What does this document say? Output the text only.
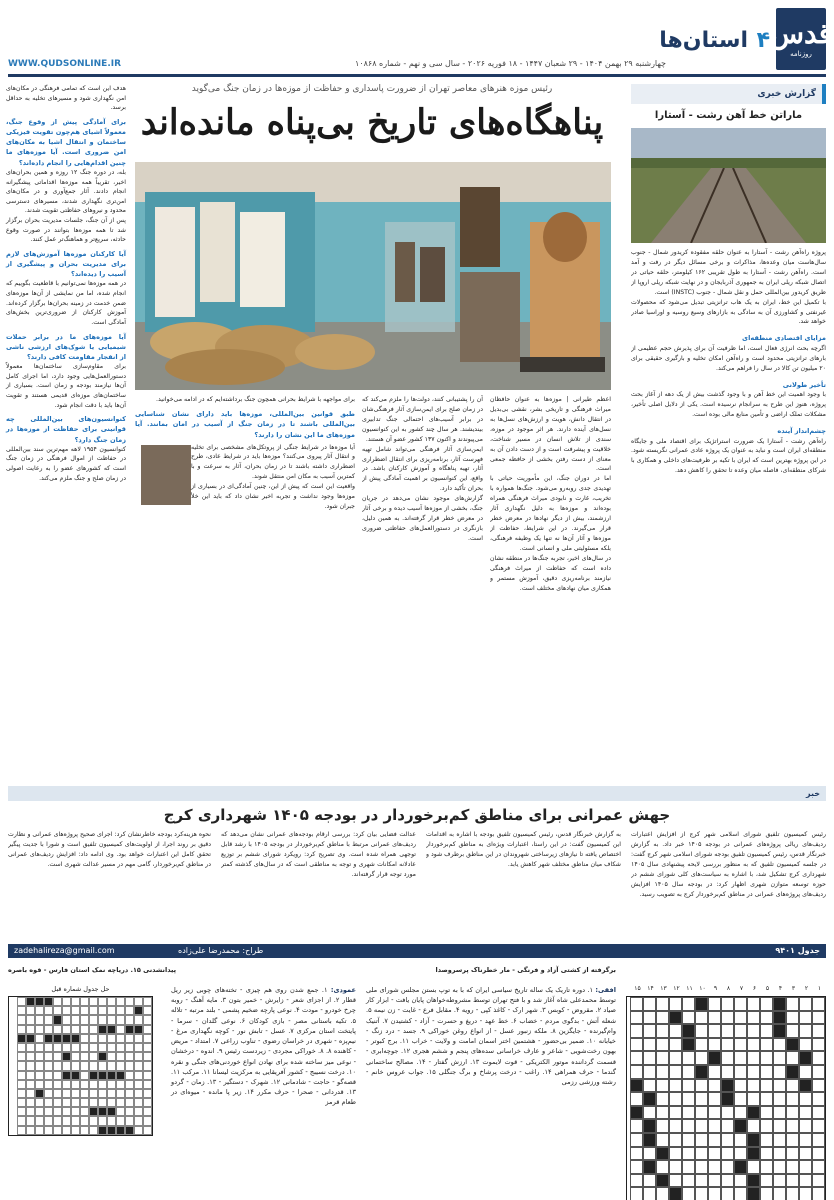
قدس
روزنامه
۴
استان‌ها
چهارشنبه ۲۹ بهمن ۱۴۰۴ - ۲۹ شعبان ۱۴۴۷ - ۱۸ فوریه ۲۰۲۶ - سال سی و نهم - شماره ۱۰۸۶۸
WWW.QUDSONLINE.IR
رئیس موزه هنرهای معاصر تهران از ضرورت پاسداری و حفاظت از موزه‌ها در زمان جنگ می‌گوید
پناهگاه‌های تاریخ بی‌پناه مانده‌اند
هدف این است که تمامی فرهنگی در مکان‌های امن نگهداری شود و مسیرهای تخلیه به حداقل برسد.
برای آمادگی پیش از وقوع جنگ، معمولاً اشیای هم‌چون تقویت فیزیکی ساختمان و انتقال اشیا به مکان‌های امن ضروری است. آیا موزه‌های ما چنین اقدام‌هایی را انجام داده‌اند؟
بله، در دوره جنگ ۱۲ روزه و همین بحران‌های اخیر، تقریباً همه موزه‌ها اقداماتی پیشگیرانه انجام دادند. آثار جمع‌آوری و در مکان‌های امن‌تری نگهداری شدند، مسیرهای دسترسی محدود و نیروهای حفاظتی تقویت شدند.
پس از آن جنگ، جلسات مدیریت بحران برگزار شد تا همه موزه‌ها بتوانند در صورت وقوع حادثه، سریع‌تر و هماهنگ‌تر عمل کنند.
آیا کارکنان موزه‌ها آموزش‌های لازم برای مدیریت بحران و پیشگیری از آسیب را دیده‌اند؟
در همه موزه‌ها نمی‌توانیم با قاطعیت بگوییم که انجام شده، اما من نمایشی از آن‌ها موزه‌های ضمن خدمت در زمینه بحران‌ها برگزار کرده‌اند. آموزش کارکنان از ضروری‌ترین بخش‌های آمادگی است.
آیا موزه‌های ما در برابر حملات شیمیایی یا شوک‌های ارزشی ناشی از انفجار مقاومت کافی دارند؟
برای مقاوم‌سازی ساختمان‌ها معمولاً دستورالعمل‌هایی وجود دارد، اما اجرای کامل آن‌ها نیازمند بودجه و زمان است. بسیاری از ساختمان‌های موزه‌ای قدیمی هستند و تقویت آن‌ها باید با دقت انجام شود.
کنوانسیون‌های بین‌المللی چه قوانینی برای حفاظت از موزه‌ها در زمان جنگ دارد؟
کنوانسیون ۱۹۵۴ لاهه مهم‌ترین سند بین‌المللی در حفاظت از اموال فرهنگی در زمان جنگ است که کشورهای عضو را به رعایت اصولی در زمان صلح و جنگ ملزم می‌کند.
اعظم طیرانی | موزه‌ها به عنوان حافظان میراث فرهنگی و تاریخی بشر، نقشی بی‌بدیل در انتقال دانش، هویت و ارزش‌های نسل‌ها به نسل‌های آینده دارند. هر اثر موجود در موزه، سندی از تلاش انسان در مسیر شناخت، خلاقیت و پیشرفت است و از دست دادن آن به معنای از دست رفتن بخشی از حافظه جمعی است.
اما در دوران جنگ، این مأموریت حیاتی با تهدیدی جدی روبه‌رو می‌شود. جنگ‌ها همواره با تخریب، غارت و نابودی میراث فرهنگی همراه بوده‌اند و موزه‌ها به دلیل نگهداری آثار ارزشمند، بیش از دیگر نهادها در معرض خطر قرار می‌گیرند. در این شرایط، حفاظت از موزه‌ها و آثار آن‌ها نه تنها یک وظیفه فرهنگی، بلکه مسئولیتی ملی و انسانی است.
در سال‌های اخیر، تجربه جنگ‌ها در منطقه نشان داده است که حفاظت از میراث فرهنگی نیازمند برنامه‌ریزی دقیق، آموزش مستمر و همکاری میان نهادهای مختلف است.
آن را پشتیبانی کنند، دولت‌ها را ملزم می‌کند که در زمان صلح برای ایمن‌سازی آثار فرهنگی‌شان در برابر آسیب‌های احتمالی جنگ تدابیری بیندیشند. هر سال چند کشور به این کنوانسیون می‌پیوندند و اکنون ۱۳۷ کشور عضو آن هستند.
ایمن‌سازی آثار فرهنگی می‌تواند شامل تهیه فهرست آثار، برنامه‌ریزی برای انتقال اضطراری آثار، تهیه پناهگاه و آموزش کارکنان باشد. در واقع، این کنوانسیون بر اهمیت آمادگی پیش از بحران تأکید دارد.
گزارش‌های موجود نشان می‌دهد در جریان جنگ، بخشی از موزه‌ها آسیب دیده و برخی آثار در معرض خطر قرار گرفته‌اند. به همین دلیل، بازنگری در دستورالعمل‌های حفاظتی ضروری است.
برای مواجهه با شرایط بحرانی همچون جنگ برداشته‌ایم که در ادامه می‌خوانید.
طبق قوانین بین‌المللی، موزه‌ها باید دارای نشان شناسایی بین‌المللی باشند تا در زمان جنگ از آسیب در امان بمانند. آیا موزه‌های ما این نشان را دارند؟
آیا موزه‌ها در شرایط جنگی از پروتکل‌های مشخصی برای تخلیه و انتقال آثار پیروی می‌کنند؟ موزه‌ها باید در شرایط عادی، طرح اضطراری داشته باشند تا در زمان بحران، آثار به سرعت و با کمترین آسیب به مکان امن منتقل شوند.
واقعیت این است که پیش از این، چنین آمادگی‌ای در بسیاری از موزه‌ها وجود نداشت و تجربه اخیر نشان داد که باید این خلأ جبران شود.
گزارش خبری
ماراتن خط آهن رشت - آستارا
پروژه راه‌آهن رشت - آستارا به عنوان حلقه مفقوده کریدور شمال - جنوب سال‌هاست میان وعده‌ها، مذاکرات و برخی مسائل دیگر در رفت و آمد است. راه‌آهن رشت - آستارا به طول تقریبی ۱۶۲ کیلومتر، حلقه حیاتی در اتصال شبکه ریلی ایران به جمهوری آذربایجان و در نهایت شبکه ریلی اروپا از طریق کریدور بین‌المللی حمل و نقل شمال - جنوب (INSTC) است.
با تکمیل این خط، ایران به یک هاب ترانزیتی تبدیل می‌شود که محصولات غیرنفتی و کشاورزی آن به سادگی به بازارهای وسیع روسیه و اوراسیا صادر خواهد شد.
مزایای اقتصادی منطقه‌ای
اگرچه بحث انرژی فعال است، اما ظرفیت آن برای پذیرش حجم عظیمی از بارهای ترانزیتی محدود است و راه‌آهن امکان تخلیه و بارگیری حقیقی برای ۲۰ میلیون تن کالا در سال را فراهم می‌کند.
تأخیر طولانی
با وجود اهمیت این خط آهن و با وجود گذشت بیش از یک دهه از آغاز بحث پروژه، هنوز این طرح به سرانجام نرسیده است. یکی از دلایل اصلی تأخیر، مشکلات تملک اراضی و تأمین منابع مالی بوده است.
چشم‌انداز آینده
راه‌آهن رشت - آستارا یک ضرورت استراتژیک برای اقتصاد ملی و جایگاه منطقه‌ای ایران است و نباید به عنوان یک پروژه عادی عمرانی نگریسته شود. در این پروژه بهترین است که ایران با تکیه بر ظرفیت‌های داخلی و همکاری با شرکای منطقه‌ای، فاصله میان وعده تا تحقق را کاهش دهد.
خبر
جهش عمرانی برای مناطق کم‌برخوردار در بودجه ۱۴۰۵ شهرداری کرج
رئیس کمیسیون تلفیق شورای اسلامی شهر کرج از افزایش اعتبارات ردیف‌های ریالی پروژه‌های عمرانی در بودجه ۱۴۰۵ خبر داد. به گزارش خبرنگار قدس، رئیس کمیسیون تلفیق بودجه شورای اسلامی شهر کرج گفت: در جلسه کمیسیون تلفیق که به منظور بررسی لایحه پیشنهادی سال ۱۴۰۵ شهرداری کرج تشکیل شد، با اشاره به سیاست‌های کلی شورای ششم در حوزه توسعه متوازن شهری اظهار کرد: در بودجه سال ۱۴۰۵ افزایش ردیف‌های پروژه‌های عمرانی در مناطق کم‌برخوردار کرج به تصویب رسید.
به گزارش خبرنگار قدس، رئیس کمیسیون تلفیق بودجه با اشاره به اقدامات این کمیسیون گفت: در این راستا، اعتبارات ویژه‌ای به مناطق کم‌برخوردار اختصاص یافته تا نیازهای زیرساختی شهروندان در این مناطق برطرف شود و شکاف میان مناطق مختلف شهر کاهش یابد.
عدالت فضایی بیان کرد: بررسی ارقام بودجه‌های عمرانی نشان می‌دهد که ردیف‌های عمرانی مرتبط با مناطق کم‌برخوردار در بودجه ۱۴۰۵ با رشد قابل توجهی همراه شده است. وی تصریح کرد: رویکرد شورای ششم بر توزیع عادلانه امکانات شهری و توجه به مناطقی است که در سال‌های گذشته کمتر مورد توجه قرار گرفته‌اند.
نحوه هزینه‌کرد بودجه خاطرنشان کرد: اجرای صحیح پروژه‌های عمرانی و نظارت دقیق بر روند اجرا، از اولویت‌های کمیسیون تلفیق است و شورا با جدیت پیگیر تحقق کامل این اعتبارات خواهد بود. وی ادامه داد: افزایش ردیف‌های عمرانی در مناطق کم‌برخوردار، گامی مهم در مسیر عدالت شهری است.
جدول ۹۴۰۱
طراح: محمدرضا علی‌زاده
zadehalireza@gmail.com
برگرفته از کشتی آزاد و فرنگی - مار خطرناک پرسروصدا
پیدا‌نشدنی ۱۵. دریاچه نمک استان فارس - قوه باصره
۱
۲
۳
۴
۵
۶
۷
۸
۹
۱۰
۱۱
۱۲
۱۳
۱۴
۱۵
افقی: ۱. دوره تاریک یک ساله تاریخ سیاسی ایران که با به توپ بستن مجلس شورای ملی توسط محمدعلی شاه آغاز شد و با فتح تهران توسط مشروطه‌خواهان پایان یافت - ابزار کار صیاد ۲. مقروض - کوبس ۳. شهر ارک - کاغذ کپی - رویه ۴. مقابل فرع - غایت - زن نیمه ۵. شعله آتش - بدگوی مردم - خضاب ۶. خط عهد - دریغ و حسرت - آزاد - کشتیدن ۷. آتنیک وام‌گیرنده - جایگزین ۸. ملکه زنبور عسل - از انواع روغن خوراکی ۹. جسد - درد زنگ - خیابانه ۱۰. ضمیر بی‌حضور - هشتمین اختر اسمان امامت و ولایت - خراب ۱۱. برج کبوتر - بهون رخت‌شویی - شاعر و عارف خراسانی سده‌های پنجم و ششم هجری ۱۲. جوچه‌ابری - قسمت گرداننده موتور الکتریکی - قوت لایموت ۱۳. ارزش گفتار - ۱۴. مصالح ساختمانی گندما - حرف همراهی ۱۴. راغب - درخت پرشاخ و برگ جنگلی ۱۵. جواب عروس خانم - رشته ورزشی رزمی
عمودی: ۱. جمع شدن روی هم چیزی - تخته‌های چوبی زیر ریل قطار ۲. از اجزای شعر - زایرش - خمیر بتون ۳. مایه آهنگ - روبه چرخ خودرو - مودت ۴. نوعی پارچه ضخیم پشمی - بلند مرتبه - تلاله ۵. تکیه باستانی مصر - بازی کودکان ۶. نوعی گلدان - سرما - پایتخت استان مرکزی ۷. عسل - تابش نور - کوچه نگهداری مرغ - نیم‌پزه - شهری در خراسان رضوی - تناوب زراعی ۷. امتداد - مریض - کاهنده ۸. ۸. خوراکی مجردی - زیردست رئیس ۹. اندوه - درخشان - نوعی میز ساخته شده برای نهادن انواع خوردنی‌های جنگی و نقره ۱۰. درخت نسیبج - کشور آفریقایی به مرکزیت لیسانا ۱۱. مرکب ۱۱. قصه‌گو - حاجت - شادمانی ۱۲. شهرک - دستگیر - ۱۳. زمان - گردو ۱۳. قدردانی - صحرا - حرف مکرر ۱۴. زیر پا مانده - میوه‌ای در طعام قرمز
حل جدول شماره قبل
